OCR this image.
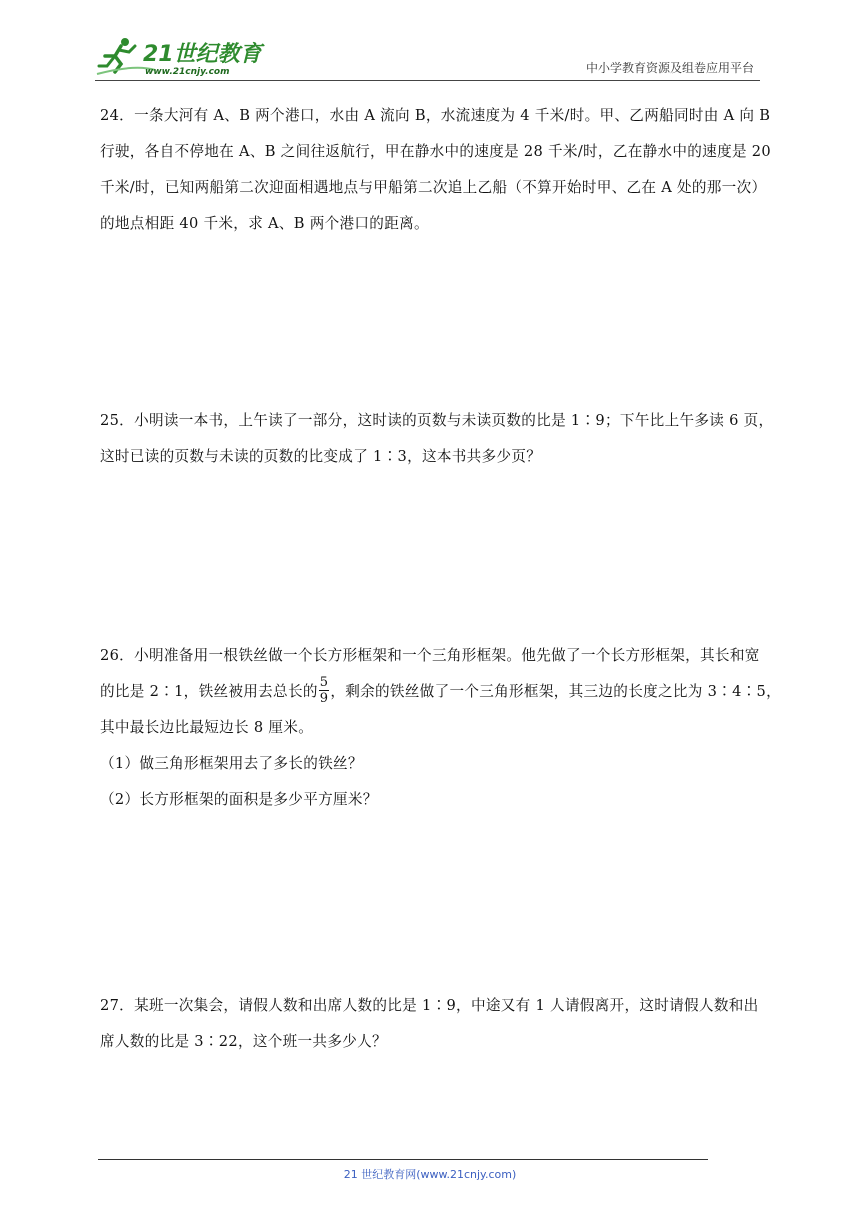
21世纪教育
www.21cnjy.com	中小学教育资源及组卷应用平台
24．一条大河有 A、B 两个港口，水由 A 流向 B，水流速度为 4 千米/时。甲、乙两船同时由 A 向 B
行驶，各自不停地在 A、B 之间往返航行，甲在静水中的速度是 28 千米/时，乙在静水中的速度是 20
千米/时，已知两船第二次迎面相遇地点与甲船第二次追上乙船（不算开始时甲、乙在 A 处的那一次）
的地点相距 40 千米，求 A、B 两个港口的距离。
25．小明读一本书，上午读了一部分，这时读的页数与未读页数的比是 1∶9；下午比上午多读 6 页，
这时已读的页数与未读的页数的比变成了 1∶3，这本书共多少页？
26．小明准备用一根铁丝做一个长方形框架和一个三角形框架。他先做了一个长方形框架，其长和宽
的比是 2∶1，铁丝被用去总长的 $\frac{5}{9}$ ，剩余的铁丝做了一个三角形框架，其三边的长度之比为 3∶4∶5，
其中最长边比最短边长 8 厘米。
（1）做三角形框架用去了多长的铁丝？
（2）长方形框架的面积是多少平方厘米？
27．某班一次集会，请假人数和出席人数的比是 1∶9，中途又有 1 人请假离开，这时请假人数和出
席人数的比是 3∶22，这个班一共多少人？
21 世纪教育网(www.21cnjy.com)
